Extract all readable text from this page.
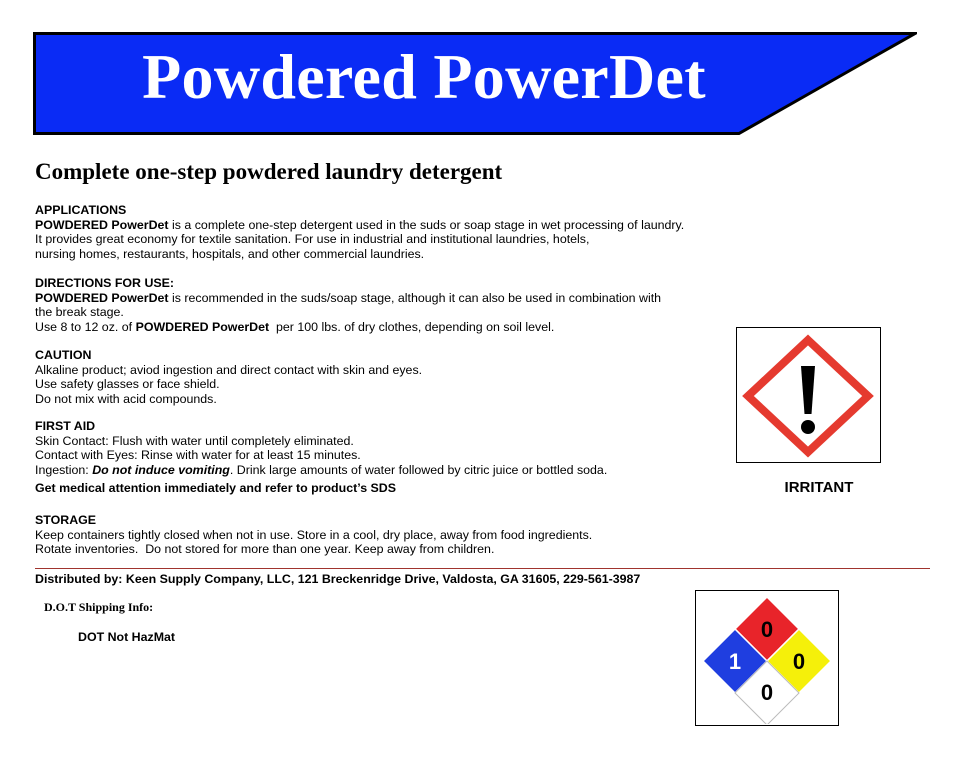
Powdered PowerDet
Complete one-step powdered laundry detergent
APPLICATIONS
POWDERED PowerDet is a complete one-step detergent used in the suds or soap stage in wet processing of laundry.
It provides great economy for textile sanitation. For use in industrial and institutional laundries, hotels,
nursing homes, restaurants, hospitals, and other commercial laundries.
DIRECTIONS FOR USE:
POWDERED PowerDet is recommended in the suds/soap stage, although it can also be used in combination with
the break stage.
Use 8 to 12 oz. of POWDERED PowerDet  per 100 lbs. of dry clothes, depending on soil level.
CAUTION
Alkaline product; aviod ingestion and direct contact with skin and eyes.
Use safety glasses or face shield.
Do not mix with acid compounds.
FIRST AID
Skin Contact: Flush with water until completely eliminated.
Contact with Eyes: Rinse with water for at least 15 minutes.
Ingestion: Do not induce vomiting. Drink large amounts of water followed by citric juice or bottled soda.
Get medical attention immediately and refer to product’s SDS
STORAGE
Keep containers tightly closed when not in use. Store in a cool, dry place, away from food ingredients.
Rotate inventories.  Do not stored for more than one year. Keep away from children.
IRRITANT
Distributed by: Keen Supply Company, LLC, 121 Breckenridge Drive, Valdosta, GA 31605, 229-561-3987
D.O.T Shipping Info:
DOT Not HazMat	0
1 0
0
